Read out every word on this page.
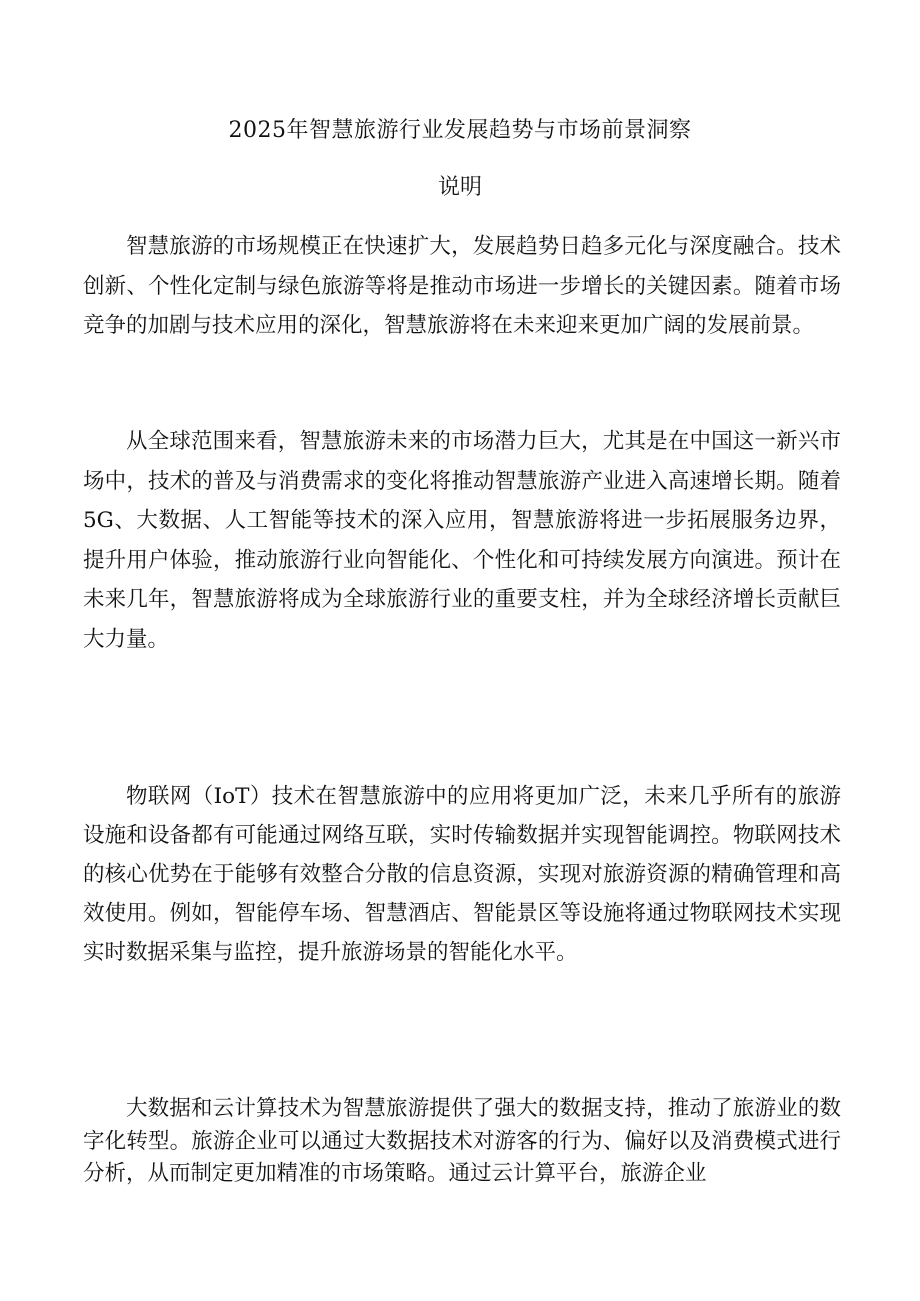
2025年智慧旅游行业发展趋势与市场前景洞察
说明

智慧旅游的市场规模正在快速扩大，发展趋势日趋多元化与深度融合。技术创新、个性化定制与绿色旅游等将是推动市场进一步增长的关键因素。随着市场竞争的加剧与技术应用的深化，智慧旅游将在未来迎来更加广阔的发展前景。

从全球范围来看，智慧旅游未来的市场潜力巨大，尤其是在中国这一新兴市场中，技术的普及与消费需求的变化将推动智慧旅游产业进入高速增长期。随着5G、大数据、人工智能等技术的深入应用，智慧旅游将进一步拓展服务边界，提升用户体验，推动旅游行业向智能化、个性化和可持续发展方向演进。预计在未来几年，智慧旅游将成为全球旅游行业的重要支柱，并为全球经济增长贡献巨大力量。

物联网（IoT）技术在智慧旅游中的应用将更加广泛，未来几乎所有的旅游设施和设备都有可能通过网络互联，实时传输数据并实现智能调控。物联网技术的核心优势在于能够有效整合分散的信息资源，实现对旅游资源的精确管理和高效使用。例如，智能停车场、智慧酒店、智能景区等设施将通过物联网技术实现实时数据采集与监控，提升旅游场景的智能化水平。

大数据和云计算技术为智慧旅游提供了强大的数据支持，推动了旅游业的数字化转型。旅游企业可以通过大数据技术对游客的行为、偏好以及消费模式进行分析，从而制定更加精准的市场策略。通过云计算平台，旅游企业
